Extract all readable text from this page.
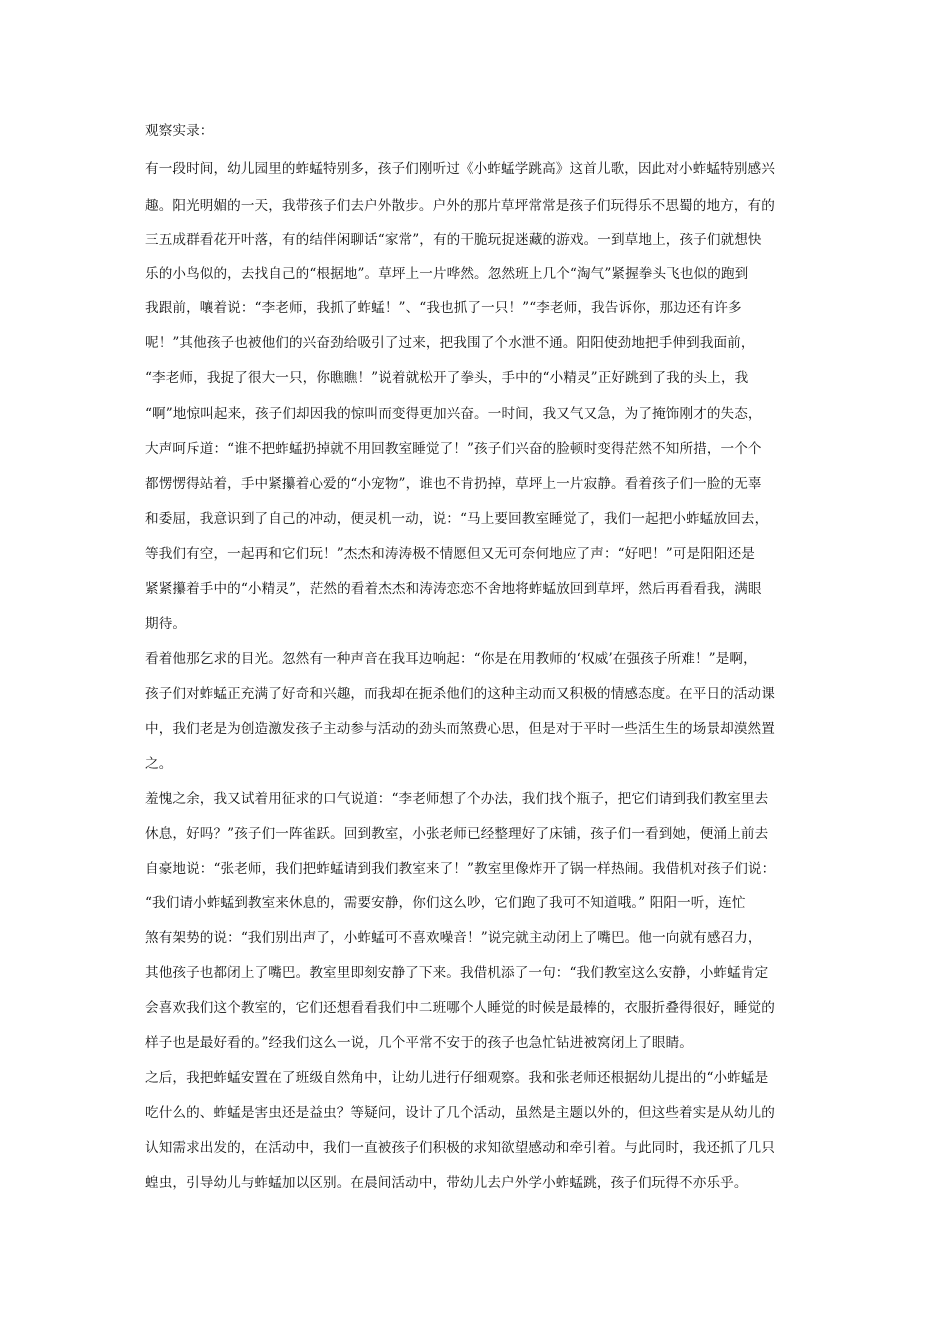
观察实录：
有一段时间，幼儿园里的蚱蜢特别多，孩子们刚听过《小蚱蜢学跳高》这首儿歌，因此对小蚱蜢特别感兴
趣。阳光明媚的一天，我带孩子们去户外散步。户外的那片草坪常常是孩子们玩得乐不思蜀的地方，有的
三五成群看花开叶落，有的结伴闲聊话“家常”，有的干脆玩捉迷藏的游戏。一到草地上，孩子们就想快
乐的小鸟似的，去找自己的“根据地”。草坪上一片哗然。忽然班上几个“淘气”紧握拳头飞也似的跑到
我跟前，嚷着说：“李老师，我抓了蚱蜢！”、“我也抓了一只！”“李老师，我告诉你，那边还有许多
呢！”其他孩子也被他们的兴奋劲给吸引了过来，把我围了个水泄不通。阳阳使劲地把手伸到我面前，
“李老师，我捉了很大一只，你瞧瞧！”说着就松开了拳头，手中的“小精灵”正好跳到了我的头上，我
“啊”地惊叫起来，孩子们却因我的惊叫而变得更加兴奋。一时间，我又气又急，为了掩饰刚才的失态，
大声呵斥道：“谁不把蚱蜢扔掉就不用回教室睡觉了！”孩子们兴奋的脸顿时变得茫然不知所措，一个个
都愣愣得站着，手中紧攥着心爱的“小宠物”，谁也不肯扔掉，草坪上一片寂静。看着孩子们一脸的无辜
和委屈，我意识到了自己的冲动，便灵机一动，说：“马上要回教室睡觉了，我们一起把小蚱蜢放回去，
等我们有空，一起再和它们玩！”杰杰和涛涛极不情愿但又无可奈何地应了声：“好吧！”可是阳阳还是
紧紧攥着手中的“小精灵”，茫然的看着杰杰和涛涛恋恋不舍地将蚱蜢放回到草坪，然后再看看我，满眼
期待。
看着他那乞求的目光。忽然有一种声音在我耳边响起：“你是在用教师的‘权威’在强孩子所难！”是啊，
孩子们对蚱蜢正充满了好奇和兴趣，而我却在扼杀他们的这种主动而又积极的情感态度。在平日的活动课
中，我们老是为创造激发孩子主动参与活动的劲头而煞费心思，但是对于平时一些活生生的场景却漠然置
之。
羞愧之余，我又试着用征求的口气说道：“李老师想了个办法，我们找个瓶子，把它们请到我们教室里去
休息，好吗？”孩子们一阵雀跃。回到教室，小张老师已经整理好了床铺，孩子们一看到她，便涌上前去
自豪地说：“张老师，我们把蚱蜢请到我们教室来了！”教室里像炸开了锅一样热闹。我借机对孩子们说：
“我们请小蚱蜢到教室来休息的，需要安静，你们这么吵，它们跑了我可不知道哦。” 阳阳一听，连忙
煞有架势的说：“我们别出声了，小蚱蜢可不喜欢噪音！”说完就主动闭上了嘴巴。他一向就有感召力，
其他孩子也都闭上了嘴巴。教室里即刻安静了下来。我借机添了一句：“我们教室这么安静，小蚱蜢肯定
会喜欢我们这个教室的，它们还想看看我们中二班哪个人睡觉的时候是最棒的，衣服折叠得很好，睡觉的
样子也是最好看的。”经我们这么一说，几个平常不安于的孩子也急忙钻进被窝闭上了眼睛。
之后，我把蚱蜢安置在了班级自然角中，让幼儿进行仔细观察。我和张老师还根据幼儿提出的“小蚱蜢是
吃什么的、蚱蜢是害虫还是益虫？等疑问，设计了几个活动，虽然是主题以外的，但这些着实是从幼儿的
认知需求出发的，在活动中，我们一直被孩子们积极的求知欲望感动和牵引着。与此同时，我还抓了几只
蝗虫，引导幼儿与蚱蜢加以区别。在晨间活动中，带幼儿去户外学小蚱蜢跳，孩子们玩得不亦乐乎。
